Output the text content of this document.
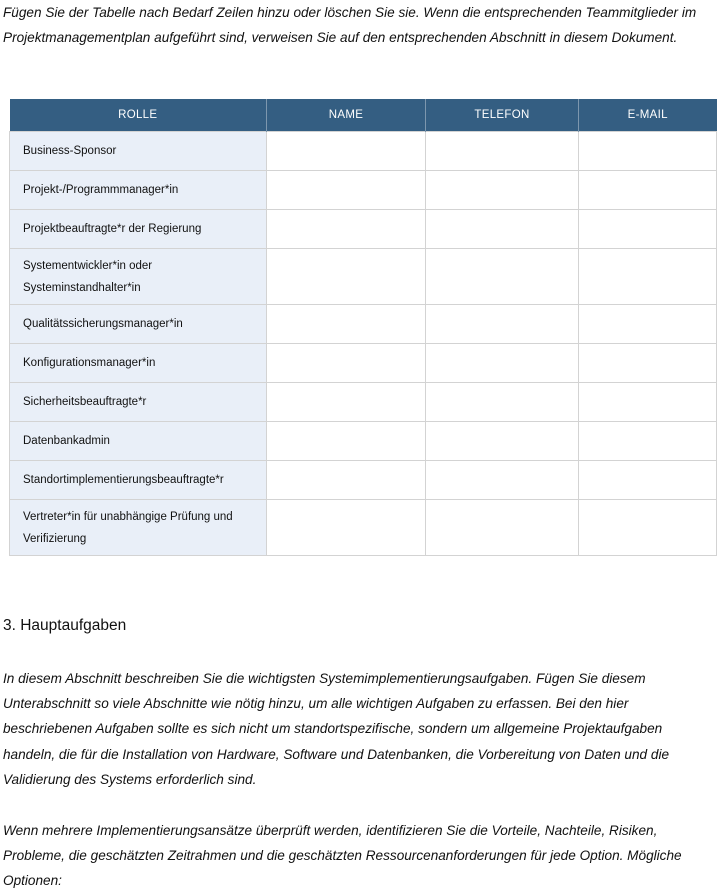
Fügen Sie der Tabelle nach Bedarf Zeilen hinzu oder löschen Sie sie. Wenn die entsprechenden Teammitglieder im Projektmanagementplan aufgeführt sind, verweisen Sie auf den entsprechenden Abschnitt in diesem Dokument.

ROLLE	NAME	TELEFON	E-MAIL
Business-Sponsor			
Projekt-/Programmmanager*in			
Projektbeauftragte*r der Regierung			
Systementwickler*in oder Systeminstandhalter*in			
Qualitätssicherungsmanager*in			
Konfigurationsmanager*in			
Sicherheitsbeauftragte*r			
Datenbankadmin			
Standortimplementierungsbeauftragte*r			
Vertreter*in für unabhängige Prüfung und Verifizierung			
3. Hauptaufgaben

In diesem Abschnitt beschreiben Sie die wichtigsten Systemimplementierungsaufgaben. Fügen Sie diesem Unterabschnitt so viele Abschnitte wie nötig hinzu, um alle wichtigen Aufgaben zu erfassen. Bei den hier beschriebenen Aufgaben sollte es sich nicht um standortspezifische, sondern um allgemeine Projektaufgaben handeln, die für die Installation von Hardware, Software und Datenbanken, die Vorbereitung von Daten und die Validierung des Systems erforderlich sind.

Wenn mehrere Implementierungsansätze überprüft werden, identifizieren Sie die Vorteile, Nachteile, Risiken, Probleme, die geschätzten Zeitrahmen und die geschätzten Ressourcenanforderungen für jede Option. Mögliche Optionen:
